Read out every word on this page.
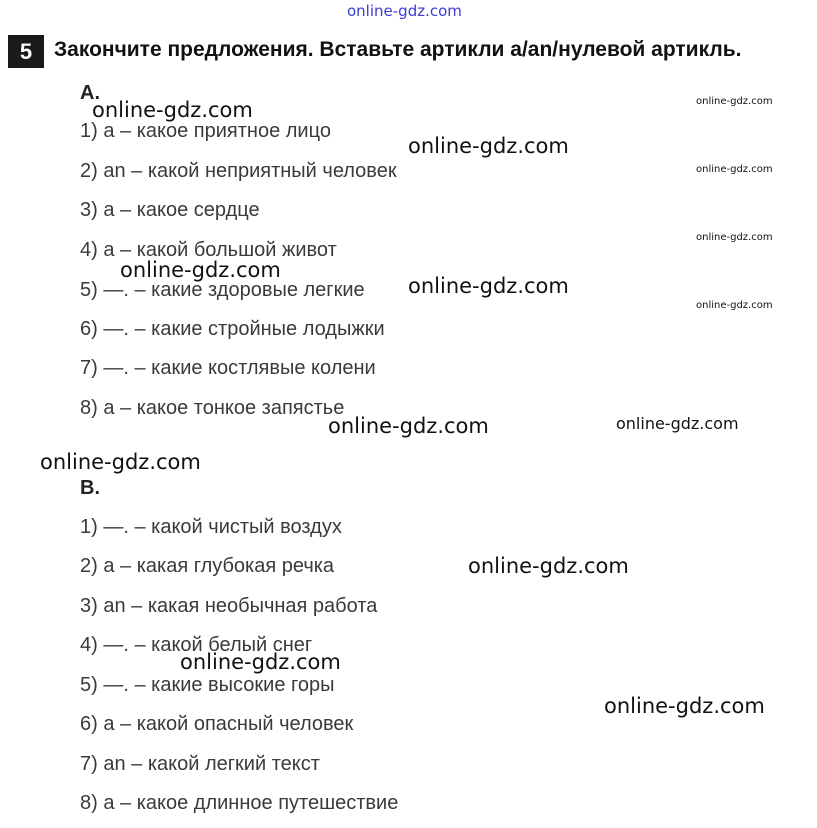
online-gdz.com
5	Закончите предложения. Вставьте артикли a/an/нулевой артикль.
A.
1) a – какое приятное лицо
2) an – какой неприятный человек
3) a – какое сердце
4) a – какой большой живот
5) —. – какие здоровые легкие
6) —. – какие стройные лодыжки
7) —. – какие костлявые колени
8) a – какое тонкое запястье
B.
1) —. – какой чистый воздух
2) a – какая глубокая речка
3) an – какая необычная работа
4) —. – какой белый снег
5) —. – какие высокие горы
6) a – какой опасный человек
7) an – какой легкий текст
8) a – какое длинное путешествие
online-gdz.com	online-gdz.com
online-gdz.com
online-gdz.com
online-gdz.com
online-gdz.com
online-gdz.com
online-gdz.com
online-gdz.com
online-gdz.com
online-gdz.com
online-gdz.com
online-gdz.com
online-gdz.com
